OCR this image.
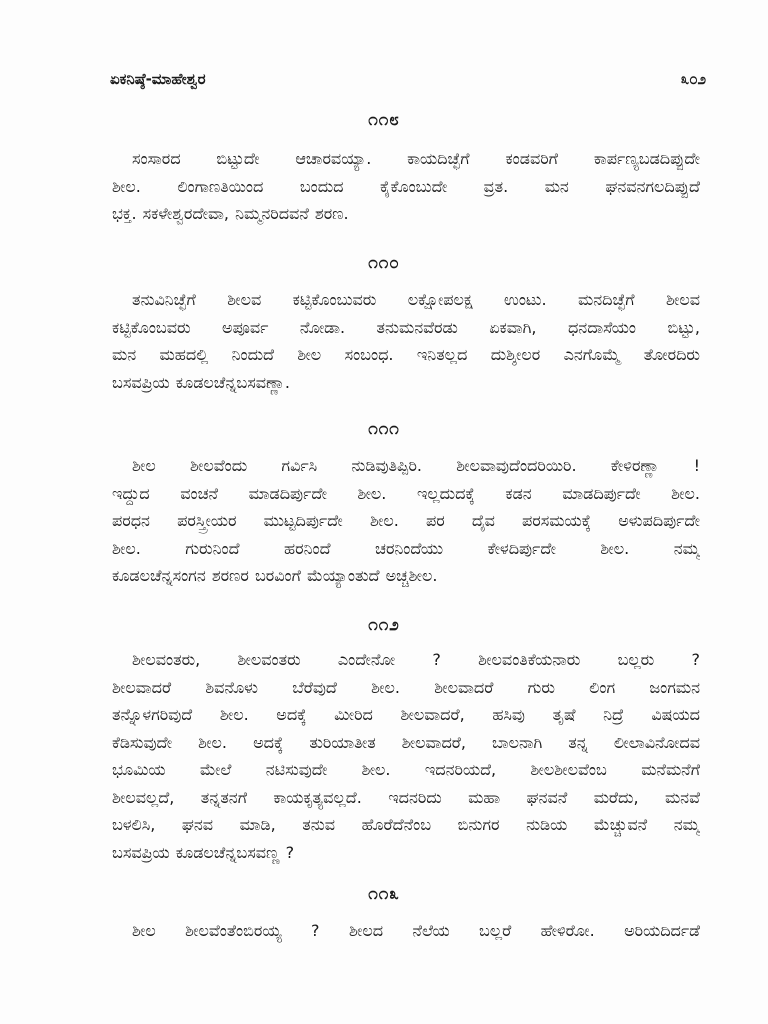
ಏಕನಿಷ್ಠೆ-ಮಾಹೇಶ್ವರ	೩೦೨
೧೧೮
ಸಂಸಾರದ ಬಿಟ್ಟುದೇ ಆಚಾರವಯ್ಯಾ. ಕಾಯದಿಚ್ಛೆಗೆ ಕಂಡವರಿಗೆ ಕಾರ್ಪಣ್ಯಬಡದಿಪ್ಪುದೇ
ಶೀಲ. ಲಿಂಗಾಣತಿಯಿಂದ ಬಂದುದ ಕೈಕೊಂಬುದೇ ವ್ರತ. ಮನ ಘನವನಗಲದಿಪ್ಪುದೆ
ಭಕ್ತ. ಸಕಳೇಶ್ವರದೇವಾ, ನಿಮ್ಮನರಿದವನೆ ಶರಣ.
೧೧೦
ತನುವಿನಿಚ್ಛೆಗೆ ಶೀಲವ ಕಟ್ಟಿಕೊಂಬುವರು ಲಕ್ಷೋಪಲಕ್ಷ ಉಂಟು. ಮನದಿಚ್ಛೆಗೆ ಶೀಲವ
ಕಟ್ಟಿಕೊಂಬವರು ಅಪೂರ್ವ ನೋಡಾ. ತನುಮನವೆರಡು ಏಕವಾಗಿ, ಧನದಾಸೆಯಂ ಬಿಟ್ಟು,
ಮನ ಮಹದಲ್ಲಿ ನಿಂದುದೆ ಶೀಲ ಸಂಬಂಧ. ಇನಿತಲ್ಲದ ದುಶ್ಶೀಲರ ಎನಗೊಮ್ಮೆ ತೋರದಿರು
ಬಸವಪ್ರಿಯ ಕೂಡಲಚೆನ್ನಬಸವಣ್ಣಾ.
೧೧೧
ಶೀಲ ಶೀಲವೆಂದು ಗರ್ವಿಸಿ ನುಡಿವುತಿಪ್ಪಿರಿ. ಶೀಲವಾವುದೆಂದರಿಯಿರಿ. ಕೇಳಿರಣ್ಣಾ !
ಇದ್ದುದ ವಂಚನೆ ಮಾಡದಿರ್ಪುದೇ ಶೀಲ. ಇಲ್ಲದುದಕ್ಕೆ ಕಡನ ಮಾಡದಿರ್ಪುದೇ ಶೀಲ.
ಪರಧನ ಪರಸ್ತ್ರೀಯರ ಮುಟ್ಟದಿರ್ಪುದೇ ಶೀಲ. ಪರ ದೈವ ಪರಸಮಯಕ್ಕೆ ಅಳುಪದಿರ್ಪುದೇ
ಶೀಲ. ಗುರುನಿಂದೆ ಹರನಿಂದೆ ಚರನಿಂದೆಯು ಕೇಳದಿರ್ಪುದೇ ಶೀಲ. ನಮ್ಮ
ಕೂಡಲಚೆನ್ನಸಂಗನ ಶರಣರ ಬರವಿಂಗೆ ಮೆಯ್ಯಾಂತುದೆ ಅಚ್ಚಶೀಲ.
೧೧೨
ಶೀಲವಂತರು, ಶೀಲವಂತರು ಎಂದೇನೋ ? ಶೀಲವಂತಿಕೆಯನಾರು ಬಲ್ಲರು ?
ಶೀಲವಾದರೆ ಶಿವನೊಳು ಬೆರೆವುದೆ ಶೀಲ. ಶೀಲವಾದರೆ ಗುರು ಲಿಂಗ ಜಂಗಮನ
ತನ್ನೊಳಗರಿವುದೆ ಶೀಲ. ಅದಕ್ಕೆ ಮೀರಿದ ಶೀಲವಾದರೆ, ಹಸಿವು ತೃಷೆ ನಿದ್ರೆ ವಿಷಯದ
ಕೆಡಿಸುವುದೇ ಶೀಲ. ಅದಕ್ಕೆ ತುರಿಯಾತೀತ ಶೀಲವಾದರೆ, ಬಾಲನಾಗಿ ತನ್ನ ಲೀಲಾವಿನೋದವ
ಭೂಮಿಯ ಮೇಲೆ ನಟಿಸುವುದೇ ಶೀಲ. ಇದನರಿಯದೆ, ಶೀಲಶೀಲವೆಂಬ ಮನೆಮನೆಗೆ
ಶೀಲವಲ್ಲದೆ, ತನ್ನತನಗೆ ಕಾಯಕೃತ್ಯವಲ್ಲದೆ. ಇದನರಿದು ಮಹಾ ಘನವನೆ ಮರೆದು, ಮನವೆ
ಬಳಲಿಸಿ, ಘನವ ಮಾಡಿ, ತನುವ ಹೊರೆದೆನೆಂಬ ಬಿನುಗರ ನುಡಿಯ ಮೆಚ್ಚುವನೆ ನಮ್ಮ
ಬಸವಪ್ರಿಯ ಕೂಡಲಚೆನ್ನಬಸವಣ್ಣ ?
೧೧೩
ಶೀಲ ಶೀಲವೆಂತೆಂಬಿರಯ್ಯ ? ಶೀಲದ ನೆಲೆಯ ಬಲ್ಲರೆ ಹೇಳಿರೋ. ಅರಿಯದಿರ್ದಡೆ
